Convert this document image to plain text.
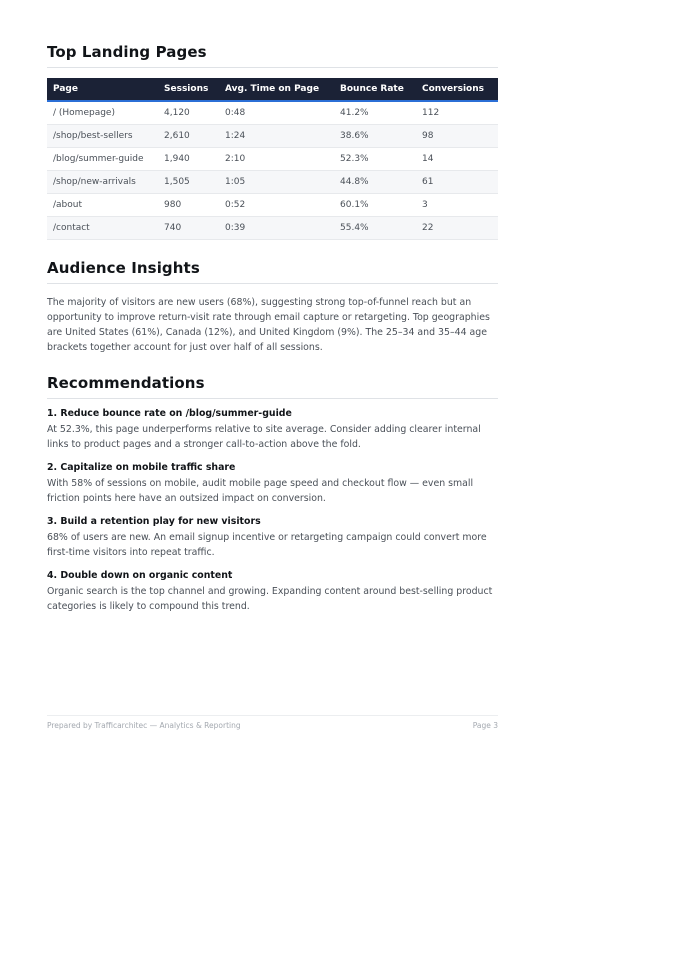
Top Landing Pages
Page	Sessions	Avg. Time on Page	Bounce Rate	Conversions
/ (Homepage)	4,120	0:48	41.2%	112
/shop/best-sellers	2,610	1:24	38.6%	98
/blog/summer-guide	1,940	2:10	52.3%	14
/shop/new-arrivals	1,505	1:05	44.8%	61
/about	980	0:52	60.1%	3
/contact	740	0:39	55.4%	22
Audience Insights

The majority of visitors are new users (68%), suggesting strong top-of-funnel reach but an opportunity to improve return-visit rate through email capture or retargeting. Top geographies are United States (61%), Canada (12%), and United Kingdom (9%). The 25–34 and 35–44 age brackets together account for just over half of all sessions.

Recommendations
1. Reduce bounce rate on /blog/summer-guide
At 52.3%, this page underperforms relative to site average. Consider adding clearer internal links to product pages and a stronger call-to-action above the fold.
2. Capitalize on mobile traffic share
With 58% of sessions on mobile, audit mobile page speed and checkout flow — even small friction points here have an outsized impact on conversion.
3. Build a retention play for new visitors
68% of users are new. An email signup incentive or retargeting campaign could convert more first-time visitors into repeat traffic.
4. Double down on organic content
Organic search is the top channel and growing. Expanding content around best-selling product categories is likely to compound this trend.
Prepared by Trafficarchitec — Analytics & Reporting	Page 3
